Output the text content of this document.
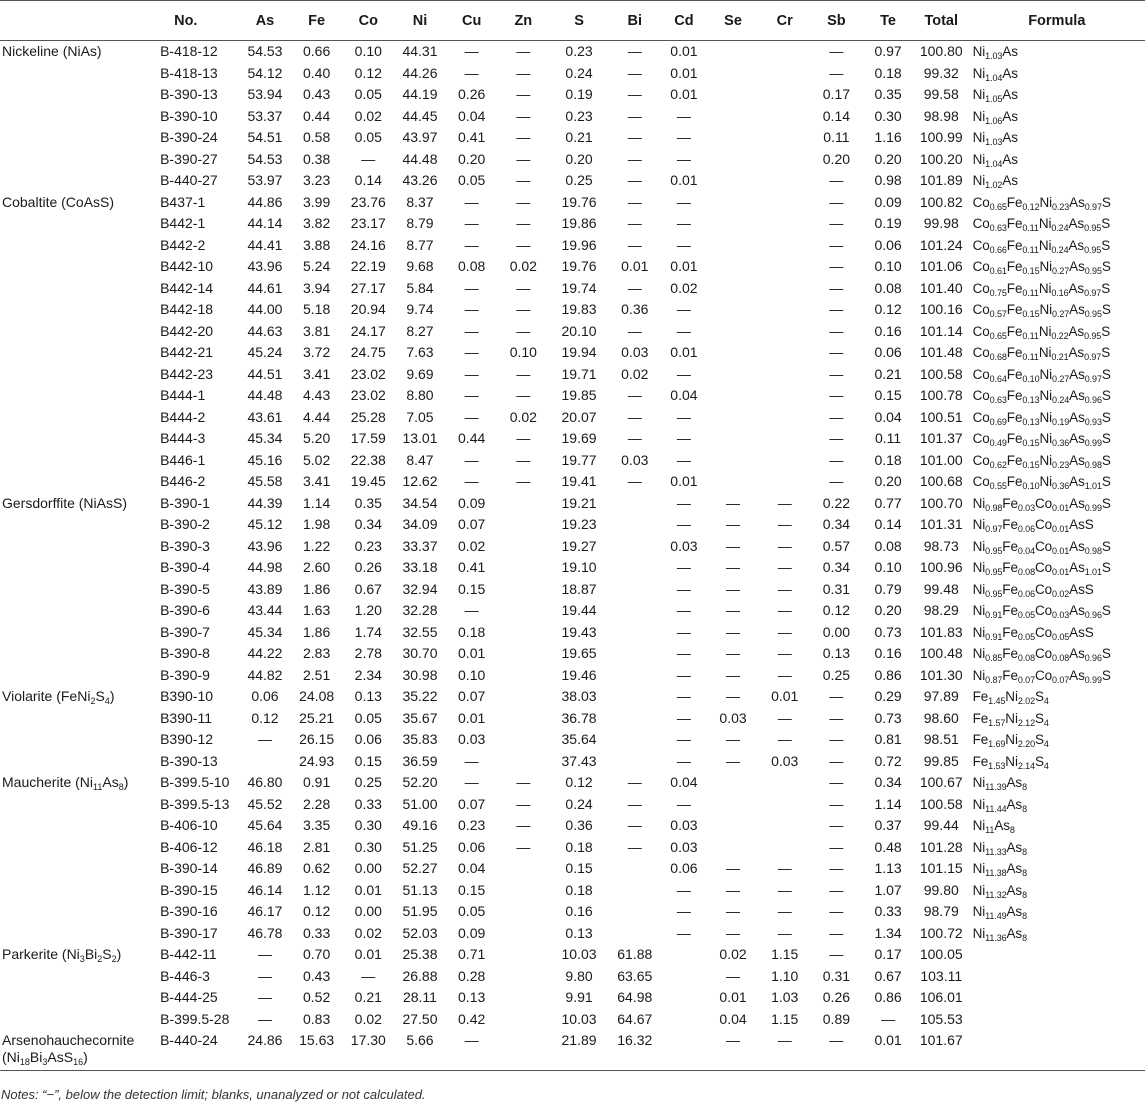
	No.	As	Fe	Co	Ni	Cu	Zn	S	Bi	Cd	Se	Cr	Sb	Te	Total	Formula
Nickeline (NiAs)	B-418-12	54.53	0.66	0.10	44.31	—	—	0.23	—	0.01			—	0.97	100.80	$Ni_{1.03}As$
	B-418-13	54.12	0.40	0.12	44.26	—	—	0.24	—	0.01			—	0.18	99.32	$Ni_{1.04}As$
	B-390-13	53.94	0.43	0.05	44.19	0.26	—	0.19	—	0.01			0.17	0.35	99.58	$Ni_{1.05}As$
	B-390-10	53.37	0.44	0.02	44.45	0.04	—	0.23	—	—			0.14	0.30	98.98	$Ni_{1.06}As$
	B-390-24	54.51	0.58	0.05	43.97	0.41	—	0.21	—	—			0.11	1.16	100.99	$Ni_{1.03}As$
	B-390-27	54.53	0.38	—	44.48	0.20	—	0.20	—	—			0.20	0.20	100.20	$Ni_{1.04}As$
	B-440-27	53.97	3.23	0.14	43.26	0.05	—	0.25	—	0.01			—	0.98	101.89	$Ni_{1.02}As$
Cobaltite (CoAsS)	B437-1	44.86	3.99	23.76	8.37	—	—	19.76	—	—			—	0.09	100.82	$Co_{0.65}Fe_{0.12}Ni_{0.23}As_{0.97}S$
	B442-1	44.14	3.82	23.17	8.79	—	—	19.86	—	—			—	0.19	99.98	$Co_{0.63}Fe_{0.11}Ni_{0.24}As_{0.95}S$
	B442-2	44.41	3.88	24.16	8.77	—	—	19.96	—	—			—	0.06	101.24	$Co_{0.66}Fe_{0.11}Ni_{0.24}As_{0.95}S$
	B442-10	43.96	5.24	22.19	9.68	0.08	0.02	19.76	0.01	0.01			—	0.10	101.06	$Co_{0.61}Fe_{0.15}Ni_{0.27}As_{0.95}S$
	B442-14	44.61	3.94	27.17	5.84	—	—	19.74	—	0.02			—	0.08	101.40	$Co_{0.75}Fe_{0.11}Ni_{0.16}As_{0.97}S$
	B442-18	44.00	5.18	20.94	9.74	—	—	19.83	0.36	—			—	0.12	100.16	$Co_{0.57}Fe_{0.15}Ni_{0.27}As_{0.95}S$
	B442-20	44.63	3.81	24.17	8.27	—	—	20.10	—	—			—	0.16	101.14	$Co_{0.65}Fe_{0.11}Ni_{0.22}As_{0.95}S$
	B442-21	45.24	3.72	24.75	7.63	—	0.10	19.94	0.03	0.01			—	0.06	101.48	$Co_{0.68}Fe_{0.11}Ni_{0.21}As_{0.97}S$
	B442-23	44.51	3.41	23.02	9.69	—	—	19.71	0.02	—			—	0.21	100.58	$Co_{0.64}Fe_{0.10}Ni_{0.27}As_{0.97}S$
	B444-1	44.48	4.43	23.02	8.80	—	—	19.85	—	0.04			—	0.15	100.78	$Co_{0.63}Fe_{0.13}Ni_{0.24}As_{0.96}S$
	B444-2	43.61	4.44	25.28	7.05	—	0.02	20.07	—	—			—	0.04	100.51	$Co_{0.69}Fe_{0.13}Ni_{0.19}As_{0.93}S$
	B444-3	45.34	5.20	17.59	13.01	0.44	—	19.69	—	—			—	0.11	101.37	$Co_{0.49}Fe_{0.15}Ni_{0.36}As_{0.99}S$
	B446-1	45.16	5.02	22.38	8.47	—	—	19.77	0.03	—			—	0.18	101.00	$Co_{0.62}Fe_{0.15}Ni_{0.23}As_{0.98}S$
	B446-2	45.58	3.41	19.45	12.62	—	—	19.41	—	0.01			—	0.20	100.68	$Co_{0.55}Fe_{0.10}Ni_{0.36}As_{1.01}S$
Gersdorffite (NiAsS)	B-390-1	44.39	1.14	0.35	34.54	0.09		19.21		—	—	—	0.22	0.77	100.70	$Ni_{0.98}Fe_{0.03}Co_{0.01}As_{0.99}S$
	B-390-2	45.12	1.98	0.34	34.09	0.07		19.23		—	—	—	0.34	0.14	101.31	$Ni_{0.97}Fe_{0.06}Co_{0.01}AsS$
	B-390-3	43.96	1.22	0.23	33.37	0.02		19.27		0.03	—	—	0.57	0.08	98.73	$Ni_{0.95}Fe_{0.04}Co_{0.01}As_{0.98}S$
	B-390-4	44.98	2.60	0.26	33.18	0.41		19.10		—	—	—	0.34	0.10	100.96	$Ni_{0.95}Fe_{0.08}Co_{0.01}As_{1.01}S$
	B-390-5	43.89	1.86	0.67	32.94	0.15		18.87		—	—	—	0.31	0.79	99.48	$Ni_{0.95}Fe_{0.06}Co_{0.02}AsS$
	B-390-6	43.44	1.63	1.20	32.28	—		19.44		—	—	—	0.12	0.20	98.29	$Ni_{0.91}Fe_{0.05}Co_{0.03}As_{0.96}S$
	B-390-7	45.34	1.86	1.74	32.55	0.18		19.43		—	—	—	0.00	0.73	101.83	$Ni_{0.91}Fe_{0.05}Co_{0.05}AsS$
	B-390-8	44.22	2.83	2.78	30.70	0.01		19.65		—	—	—	0.13	0.16	100.48	$Ni_{0.85}Fe_{0.08}Co_{0.08}As_{0.96}S$
	B-390-9	44.82	2.51	2.34	30.98	0.10		19.46		—	—	—	0.25	0.86	101.30	$Ni_{0.87}Fe_{0.07}Co_{0.07}As_{0.99}S$
Violarite $(FeNi_2S_4)$	B390-10	0.06	24.08	0.13	35.22	0.07		38.03		—	—	0.01	—	0.29	97.89	$Fe_{1.45}Ni_{2.02}S_4$
	B390-11	0.12	25.21	0.05	35.67	0.01		36.78		—	0.03	—	—	0.73	98.60	$Fe_{1.57}Ni_{2.12}S_4$
	B390-12	—	26.15	0.06	35.83	0.03		35.64		—	—	—	—	0.81	98.51	$Fe_{1.69}Ni_{2.20}S_4$
	B-390-13		24.93	0.15	36.59	—		37.43		—	—	0.03	—	0.72	99.85	$Fe_{1.53}Ni_{2.14}S_4$
Maucherite $(Ni_{11}As_8)$	B-399.5-10	46.80	0.91	0.25	52.20	—	—	0.12	—	0.04			—	0.34	100.67	$Ni_{11.39}As_8$
	B-399.5-13	45.52	2.28	0.33	51.00	0.07	—	0.24	—	—			—	1.14	100.58	$Ni_{11.44}As_8$
	B-406-10	45.64	3.35	0.30	49.16	0.23	—	0.36	—	0.03			—	0.37	99.44	$Ni_{11}As_8$
	B-406-12	46.18	2.81	0.30	51.25	0.06	—	0.18	—	0.03			—	0.48	101.28	$Ni_{11.33}As_8$
	B-390-14	46.89	0.62	0.00	52.27	0.04		0.15		0.06	—	—	—	1.13	101.15	$Ni_{11.38}As_8$
	B-390-15	46.14	1.12	0.01	51.13	0.15		0.18		—	—	—	—	1.07	99.80	$Ni_{11.32}As_8$
	B-390-16	46.17	0.12	0.00	51.95	0.05		0.16		—	—	—	—	0.33	98.79	$Ni_{11.49}As_8$
	B-390-17	46.78	0.33	0.02	52.03	0.09		0.13		—	—	—	—	1.34	100.72	$Ni_{11.36}As_8$
Parkerite $(Ni_3Bi_2S_2)$	B-442-11	—	0.70	0.01	25.38	0.71		10.03	61.88		0.02	1.15	—	0.17	100.05	
	B-446-3	—	0.43	—	26.88	0.28		9.80	63.65		—	1.10	0.31	0.67	103.11	
	B-444-25	—	0.52	0.21	28.11	0.13		9.91	64.98		0.01	1.03	0.26	0.86	106.01	
	B-399.5-28	—	0.83	0.02	27.50	0.42		10.03	64.67		0.04	1.15	0.89	—	105.53	
Arsenohauchecornite $(Ni_{18}Bi_3AsS_{16})$	B-440-24	24.86	15.63	17.30	5.66	—		21.89	16.32		—	—	—	0.01	101.67	
Notes: “−”, below the detection limit; blanks, unanalyzed or not calculated.
